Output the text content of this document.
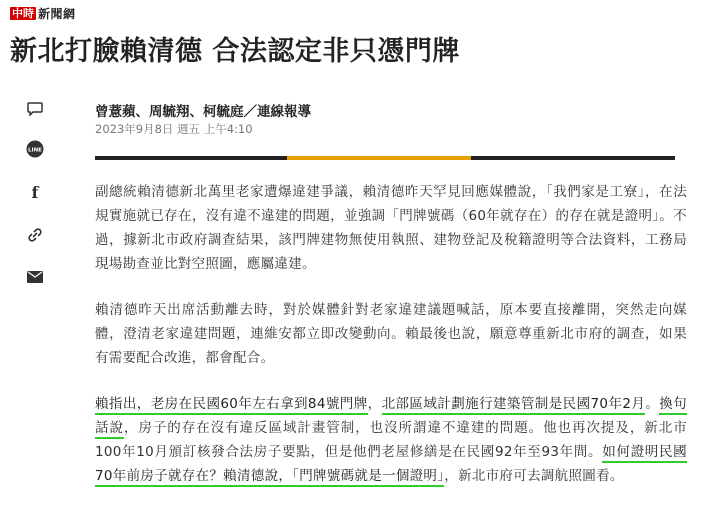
中時 新聞網
新北打臉賴清德 合法認定非只憑門牌
LINE
f
曾薏蘋、周毓翔、柯毓庭／連線報導
2023年9月8日 週五 上午4:10

副總統賴清德新北萬里老家遭爆違建爭議，賴清德昨天罕見回應媒體說，「我們家是工寮」，在法規實施就已存在，沒有違不違建的問題，並強調「門牌號碼（60年就存在）的存在就是證明」。不過，據新北市政府調查結果，該門牌建物無使用執照、建物登記及稅籍證明等合法資料，工務局現場勘查並比對空照圖，應屬違建。

賴清德昨天出席活動離去時，對於媒體針對老家違建議題喊話，原本要直接離開，突然走向媒體，澄清老家違建問題，連維安都立即改變動向。賴最後也說，願意尊重新北市府的調查，如果有需要配合改進，都會配合。

賴指出，老房在民國60年左右拿到84號門牌，北部區域計劃施行建築管制是民國70年2月。換句話說，房子的存在沒有違反區域計畫管制，也沒所謂違不違建的問題。他也再次提及，新北市100年10月頒訂核發合法房子要點，但是他們老屋修繕是在民國92年至93年間。如何證明民國70年前房子就存在？賴清德說，「門牌號碼就是一個證明」，新北市府可去調航照圖看。
